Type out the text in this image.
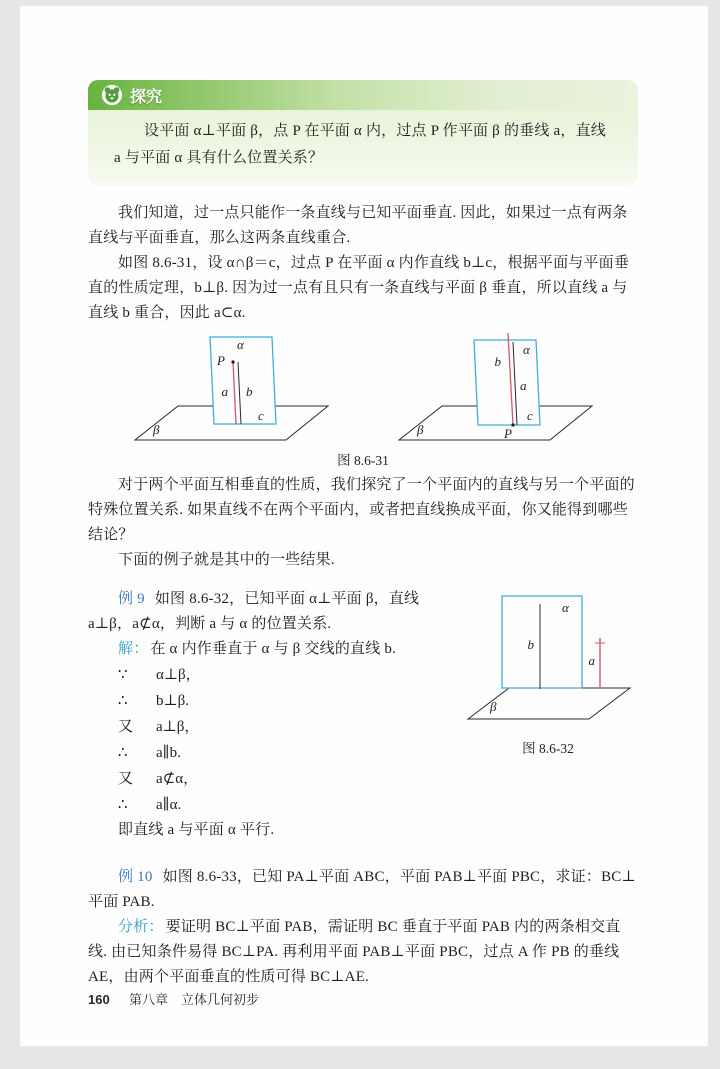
探究

设平面 α⊥平面 β，点 P 在平面 α 内，过点 P 作平面 β 的垂线 a，直线 a 与平面 α 具有什么位置关系？

我们知道，过一点只能作一条直线与已知平面垂直. 因此，如果过一点有两条直线与平面垂直，那么这两条直线重合.

如图 8.6-31，设 α∩β＝c，过点 P 在平面 α 内作直线 b⊥c，根据平面与平面垂直的性质定理，b⊥β. 因为过一点有且只有一条直线与平面 β 垂直，所以直线 a 与直线 b 重合，因此 a⊂α.

α
P
a b
c
β
α
b
a
c
P
β
图 8.6-31

对于两个平面互相垂直的性质，我们探究了一个平面内的直线与另一个平面的特殊位置关系. 如果直线不在两个平面内，或者把直线换成平面，你又能得到哪些结论？

下面的例子就是其中的一些结果.

α
b
a
β
图 8.6-32

例 9 如图 8.6-32，已知平面 α⊥平面 β，直线 a⊥β，a⊄α，判断 a 与 α 的位置关系.

解： 在 α 内作垂直于 α 与 β 交线的直线 b.

∵ α⊥β，
∴ b⊥β.
又 a⊥β，
∴ a∥b.
又 a⊄α，
∴ a∥α.

即直线 a 与平面 α 平行.

例 10 如图 8.6-33，已知 PA⊥平面 ABC，平面 PAB⊥平面 PBC，求证：BC⊥平面 PAB.

分析： 要证明 BC⊥平面 PAB，需证明 BC 垂直于平面 PAB 内的两条相交直线. 由已知条件易得 BC⊥PA. 再利用平面 PAB⊥平面 PBC，过点 A 作 PB 的垂线 AE，由两个平面垂直的性质可得 BC⊥AE.

160 第八章　立体几何初步
